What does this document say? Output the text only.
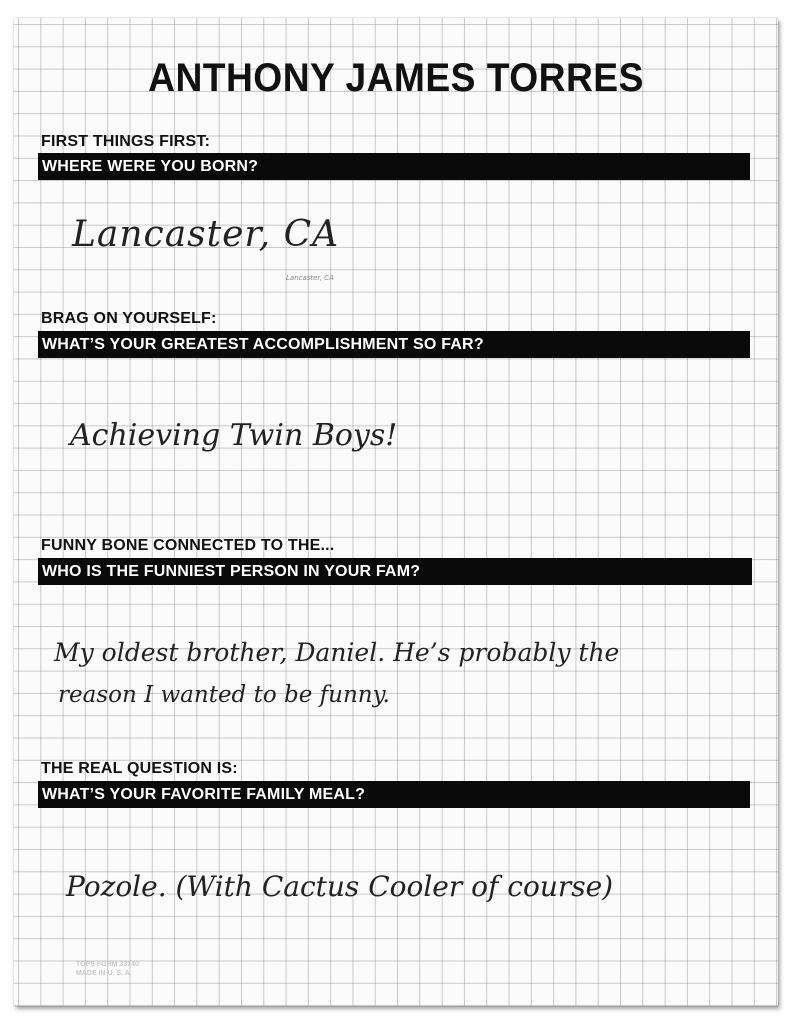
ANTHONY JAMES TORRES
FIRST THINGS FIRST:
WHERE WERE YOU BORN?
Lancaster, CA
Lancaster, CA
BRAG ON YOURSELF:
WHAT’S YOUR GREATEST ACCOMPLISHMENT SO FAR?
Achieving Twin Boys!
FUNNY BONE CONNECTED TO THE...
WHO IS THE FUNNIEST PERSON IN YOUR FAM?
My oldest brother, Daniel. He’s probably the
reason I wanted to be funny.
THE REAL QUESTION IS:
WHAT’S YOUR FAVORITE FAMILY MEAL?
Pozole. (With Cactus Cooler of course)
TOPS FORM 33140
MADE IN U. S. A.
